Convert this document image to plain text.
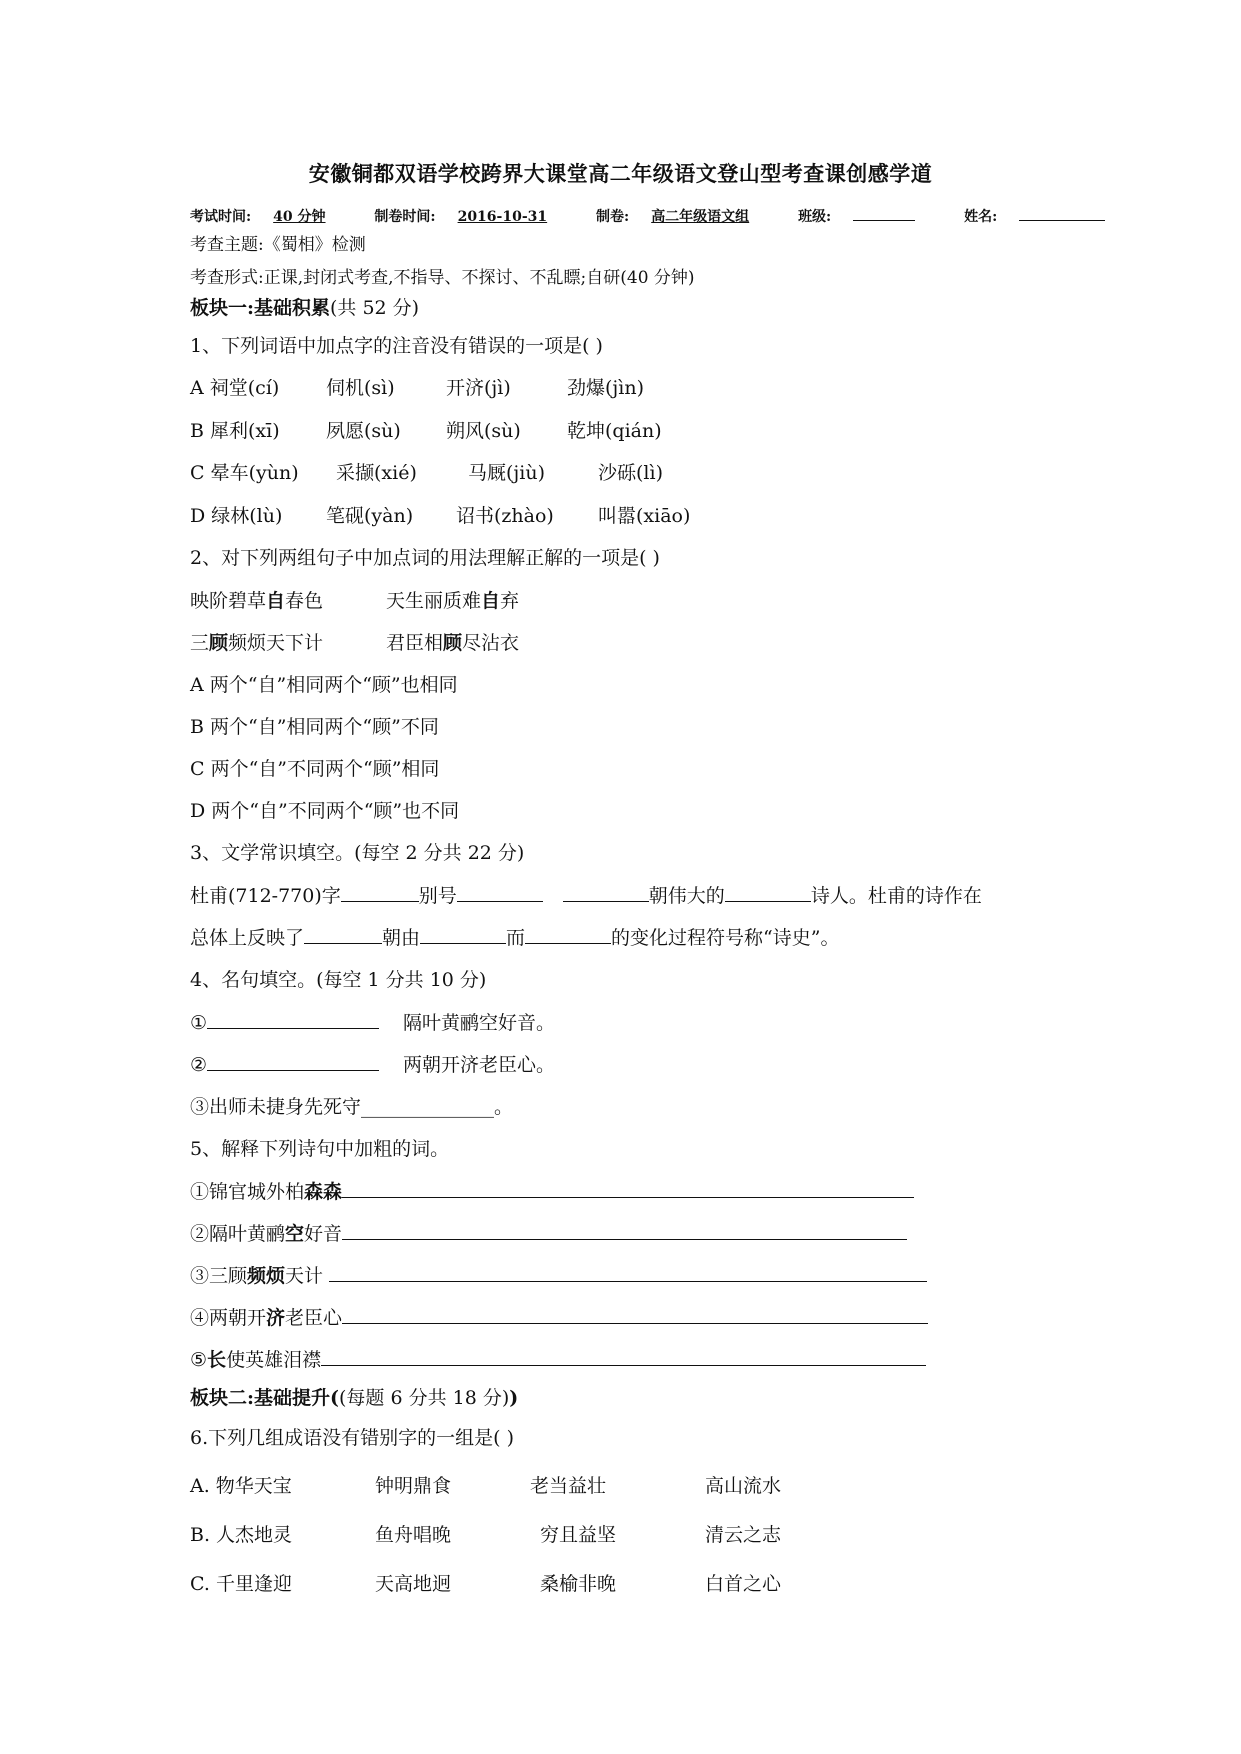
安徽铜都双语学校跨界大课堂高二年级语文登山型考查课创感学道
考试时间: 40 分钟	制卷时间: 2016-10-31	制卷: 高二年级语文组	班级:	姓名:
考查主题:《蜀相》检测
考查形式:正课,封闭式考查,不指导、不探讨、不乱瞟;自研(40 分钟)
板块一:基础积累(共 52 分)
1、下列词语中加点字的注音没有错误的一项是( )
A 祠堂(cí) 伺机(sì)	开济(jì)	劲爆(jìn)
B 犀利(xī) 夙愿(sù) 朔风(sù) 乾坤(qián)
C 晕车(yùn) 采撷(xié)	马厩(jiù)	沙砾(lì)
D 绿林(lù) 笔砚(yàn) 诏书(zhào) 叫嚣(xiāo)
2、对下列两组句子中加点词的用法理解正解的一项是( )
映阶碧草自春色	天生丽质难自弃
三顾频烦天下计	君臣相顾尽沾衣
A 两个“自”相同两个“顾”也相同
B 两个“自”相同两个“顾”不同
C 两个“自”不同两个“顾”相同
D 两个“自”不同两个“顾”也不同
3、文学常识填空。(每空 2 分共 22 分)
杜甫(712-770)字	别号	朝伟大的	诗人。杜甫的诗作在
总体上反映了	朝由	而	的变化过程符号称“诗史”。
4、名句填空。(每空 1 分共 10 分)
①	隔叶黄鹂空好音。
②	两朝开济老臣心。
③出师未捷身先死守______________。
5、解释下列诗句中加粗的词。
①锦官城外柏森森
②隔叶黄鹂空好音
③三顾频烦天计
④两朝开济老臣心
⑤长使英雄泪襟
板块二:基础提升((每题 6 分共 18 分))
6.下列几组成语没有错别字的一组是( )
A. 物华天宝	钟明鼎食	老当益壮	高山流水
B. 人杰地灵	鱼舟唱晚	穷且益坚	清云之志
C. 千里逢迎	天高地迥	桑榆非晚	白首之心
